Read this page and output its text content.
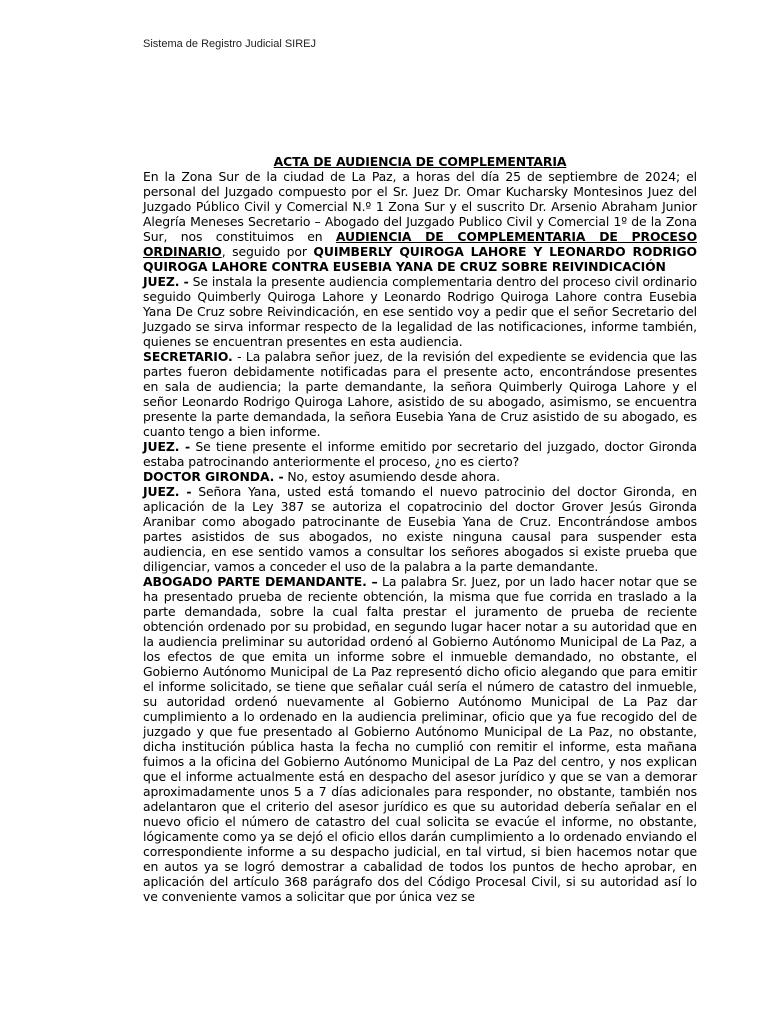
Sistema de Registro Judicial SIREJ

ACTA DE AUDIENCIA DE COMPLEMENTARIA

En la Zona Sur de la ciudad de La Paz, a horas del día 25 de septiembre de 2024; el personal del Juzgado compuesto por el Sr. Juez Dr. Omar Kucharsky Montesinos Juez del Juzgado Público Civil y Comercial N.º 1 Zona Sur y el suscrito Dr. Arsenio Abraham Junior Alegría Meneses Secretario – Abogado del Juzgado Publico Civil y Comercial 1º de la Zona Sur, nos constituimos en AUDIENCIA DE COMPLEMENTARIA DE PROCESO ORDINARIO, seguido por QUIMBERLY QUIROGA LAHORE Y LEONARDO RODRIGO QUIROGA LAHORE CONTRA EUSEBIA YANA DE CRUZ SOBRE REIVINDICACIÓN

JUEZ. - Se instala la presente audiencia complementaria dentro del proceso civil ordinario seguido Quimberly Quiroga Lahore y Leonardo Rodrigo Quiroga Lahore contra Eusebia Yana De Cruz sobre Reivindicación, en ese sentido voy a pedir que el señor Secretario del Juzgado se sirva informar respecto de la legalidad de las notificaciones, informe también, quienes se encuentran presentes en esta audiencia.

SECRETARIO. - La palabra señor juez, de la revisión del expediente se evidencia que las partes fueron debidamente notificadas para el presente acto, encontrándose presentes en sala de audiencia; la parte demandante, la señora Quimberly Quiroga Lahore y el señor Leonardo Rodrigo Quiroga Lahore, asistido de su abogado, asimismo, se encuentra presente la parte demandada, la señora Eusebia Yana de Cruz asistido de su abogado, es cuanto tengo a bien informe.

JUEZ. - Se tiene presente el informe emitido por secretario del juzgado, doctor Gironda estaba patrocinando anteriormente el proceso, ¿no es cierto?

DOCTOR GIRONDA. - No, estoy asumiendo desde ahora.

JUEZ. - Señora Yana, usted está tomando el nuevo patrocinio del doctor Gironda, en aplicación de la Ley 387 se autoriza el copatrocinio del doctor Grover Jesús Gironda Aranibar como abogado patrocinante de Eusebia Yana de Cruz. Encontrándose ambos partes asistidos de sus abogados, no existe ninguna causal para suspender esta audiencia, en ese sentido vamos a consultar los señores abogados si existe prueba que diligenciar, vamos a conceder el uso de la palabra a la parte demandante.

ABOGADO PARTE DEMANDANTE. – La palabra Sr. Juez, por un lado hacer notar que se ha presentado prueba de reciente obtención, la misma que fue corrida en traslado a la parte demandada, sobre la cual falta prestar el juramento de prueba de reciente obtención ordenado por su probidad, en segundo lugar hacer notar a su autoridad que en la audiencia preliminar su autoridad ordenó al Gobierno Autónomo Municipal de La Paz, a los efectos de que emita un informe sobre el inmueble demandado, no obstante, el Gobierno Autónomo Municipal de La Paz representó dicho oficio alegando que para emitir el informe solicitado, se tiene que señalar cuál sería el número de catastro del inmueble, su autoridad ordenó nuevamente al Gobierno Autónomo Municipal de La Paz dar cumplimiento a lo ordenado en la audiencia preliminar, oficio que ya fue recogido del de juzgado y que fue presentado al Gobierno Autónomo Municipal de La Paz, no obstante, dicha institución pública hasta la fecha no cumplió con remitir el informe, esta mañana fuimos a la oficina del Gobierno Autónomo Municipal de La Paz del centro, y nos explican que el informe actualmente está en despacho del asesor jurídico y que se van a demorar aproximadamente unos 5 a 7 días adicionales para responder, no obstante, también nos adelantaron que el criterio del asesor jurídico es que su autoridad debería señalar en el nuevo oficio el número de catastro del cual solicita se evacúe el informe, no obstante, lógicamente como ya se dejó el oficio ellos darán cumplimiento a lo ordenado enviando el correspondiente informe a su despacho judicial, en tal virtud, si bien hacemos notar que en autos ya se logró demostrar a cabalidad de todos los puntos de hecho aprobar, en aplicación del artículo 368 parágrafo dos del Código Procesal Civil, si su autoridad así lo ve conveniente vamos a solicitar que por única vez se
